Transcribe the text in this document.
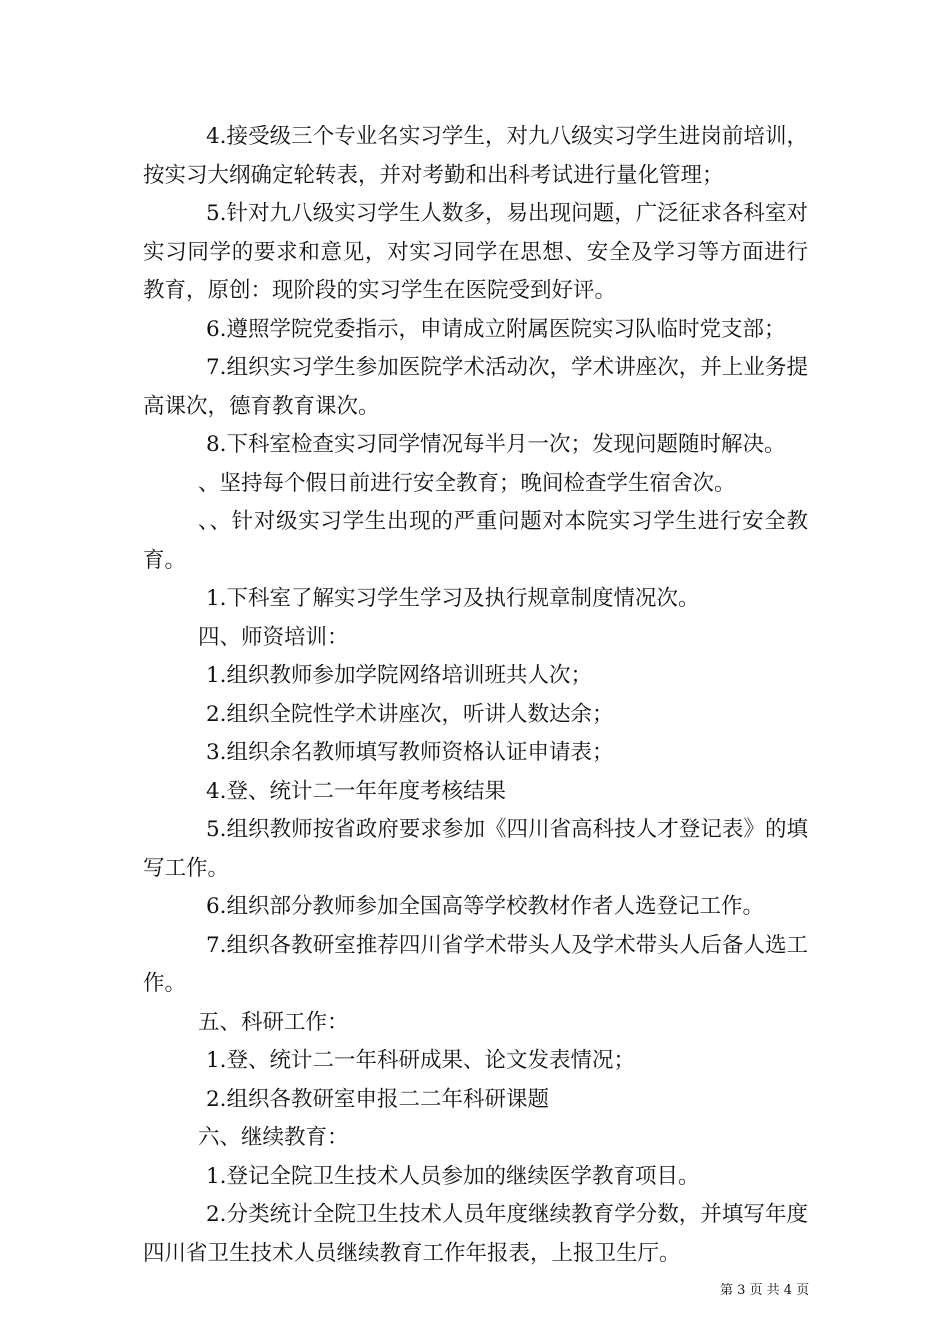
4.接受级三个专业名实习学生，对九八级实习学生进岗前培训，按实习大纲确定轮转表，并对考勤和出科考试进行量化管理；

5.针对九八级实习学生人数多，易出现问题，广泛征求各科室对实习同学的要求和意见，对实习同学在思想、安全及学习等方面进行教育，原创：现阶段的实习学生在医院受到好评。

6.遵照学院党委指示，申请成立附属医院实习队临时党支部；

7.组织实习学生参加医院学术活动次，学术讲座次，并上业务提高课次，德育教育课次。

8.下科室检查实习同学情况每半月一次；发现问题随时解决。

、坚持每个假日前进行安全教育；晚间检查学生宿舍次。

、、针对级实习学生出现的严重问题对本院实习学生进行安全教育。

1.下科室了解实习学生学习及执行规章制度情况次。

四、师资培训：

1.组织教师参加学院网络培训班共人次；

2.组织全院性学术讲座次，听讲人数达余；

3.组织余名教师填写教师资格认证申请表；

4.登、统计二一年年度考核结果

5.组织教师按省政府要求参加《四川省高科技人才登记表》的填写工作。

6.组织部分教师参加全国高等学校教材作者人选登记工作。

7.组织各教研室推荐四川省学术带头人及学术带头人后备人选工作。

五、科研工作：

1.登、统计二一年科研成果、论文发表情况；

2.组织各教研室申报二二年科研课题

六、继续教育：

1.登记全院卫生技术人员参加的继续医学教育项目。

2.分类统计全院卫生技术人员年度继续教育学分数，并填写年度四川省卫生技术人员继续教育工作年报表，上报卫生厅。

第 3 页 共 4 页
